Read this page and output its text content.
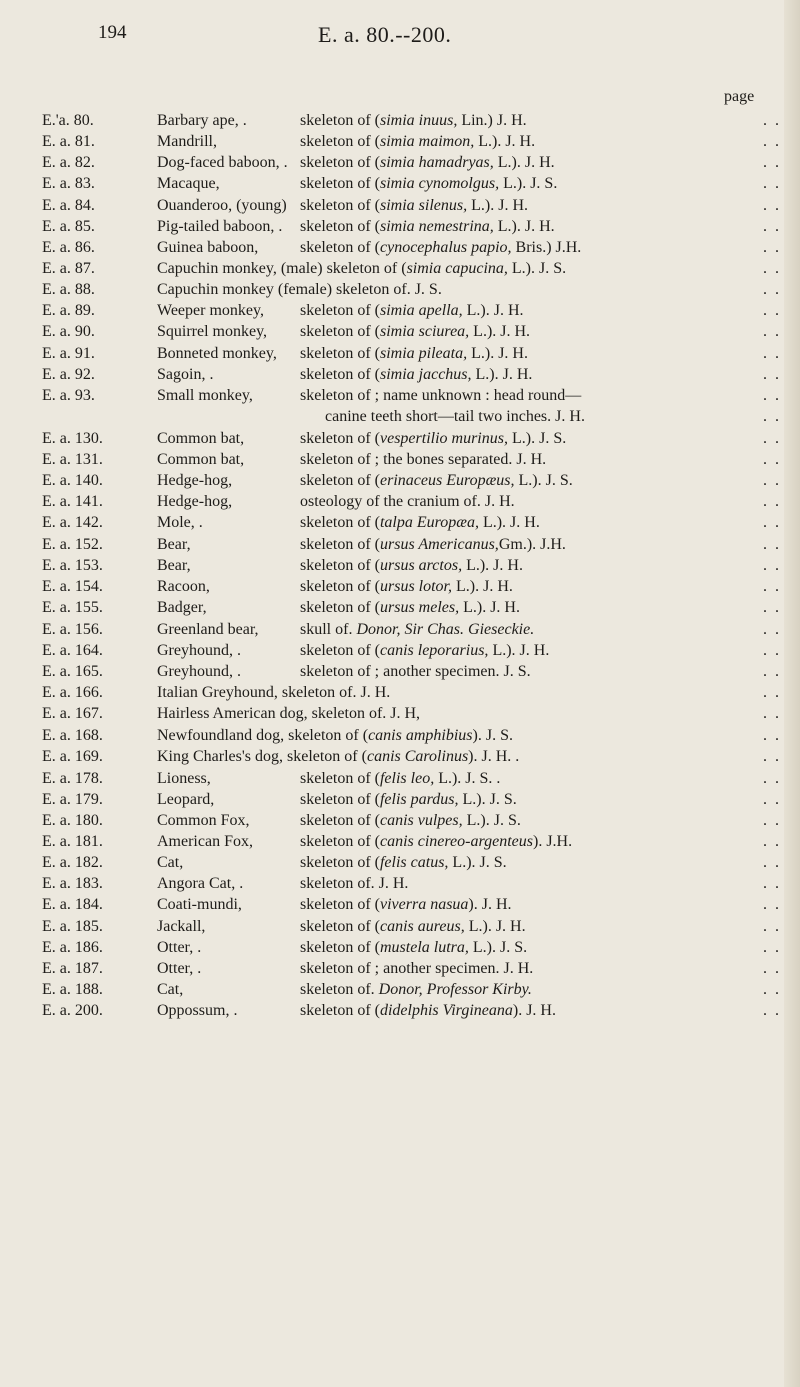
194	E. a. 80.--200.
page
E.'a. 80.	Barbary ape, .	skeleton of (simia inuus, Lin.) J. H.	. .
E. a. 81.	Mandrill,	skeleton of (simia maimon, L.). J. H.	. .
E. a. 82.	Dog-faced baboon, . skeleton of (simia hamadryas, L.). J. H.	. .
E. a. 83.	Macaque,	skeleton of (simia cynomolgus, L.). J. S.	. .
E. a. 84.	Ouanderoo, (young) skeleton of (simia silenus, L.). J. H.	. .
E. a. 85.	Pig-tailed baboon, . skeleton of (simia nemestrina, L.). J. H.	. .
E. a. 86.	Guinea baboon,	skeleton of (cynocephalus papio, Bris.) J.H.	. .
E. a. 87.	Capuchin monkey, (male) skeleton of (simia capucina, L.). J. S.	. .
E. a. 88.	Capuchin monkey (female) skeleton of. J. S.	. .
E. a. 89.	Weeper monkey, skeleton of (simia apella, L.). J. H.	. .
E. a. 90.	Squirrel monkey, skeleton of (simia sciurea, L.). J. H.	. .
E. a. 91.	Bonneted monkey, skeleton of (simia pileata, L.). J. H.	. .
E. a. 92.	Sagoin, .	skeleton of (simia jacchus, L.). J. H.	. .
E. a. 93.	Small monkey,	skeleton of ; name unknown : head round—	. .
canine teeth short—tail two inches. J. H.	. .
E. a. 130.	Common bat,	skeleton of (vespertilio murinus, L.). J. S.	. .
E. a. 131.	Common bat,	skeleton of ; the bones separated. J. H.	. .
E. a. 140.	Hedge-hog,	skeleton of (erinaceus Europæus, L.). J. S.	. .
E. a. 141.	Hedge-hog,	osteology of the cranium of. J. H.	. .
E. a. 142.	Mole, .	skeleton of (talpa Europæa, L.). J. H.	. .
E. a. 152.	Bear,	skeleton of (ursus Americanus,Gm.). J.H.	. .
E. a. 153.	Bear,	skeleton of (ursus arctos, L.). J. H.	. .
E. a. 154.	Racoon,	skeleton of (ursus lotor, L.). J. H.	. .
E. a. 155.	Badger,	skeleton of (ursus meles, L.). J. H.	. .
E. a. 156.	Greenland bear,	skull of. Donor, Sir Chas. Gieseckie.	. .
E. a. 164.	Greyhound, .	skeleton of (canis leporarius, L.). J. H.	. .
E. a. 165.	Greyhound, .	skeleton of ; another specimen. J. S.	. .
E. a. 166.	Italian Greyhound, skeleton of. J. H.	. .
E. a. 167.	Hairless American dog, skeleton of. J. H,	. .
E. a. 168.	Newfoundland dog, skeleton of (canis amphibius). J. S.	. .
E. a. 169.	King Charles's dog, skeleton of (canis Carolinus). J. H. .	. .
E. a. 178.	Lioness,	skeleton of (felis leo, L.). J. S. .	. .
E. a. 179.	Leopard,	skeleton of (felis pardus, L.). J. S.	. .
E. a. 180.	Common Fox,	skeleton of (canis vulpes, L.). J. S.	. .
E. a. 181.	American Fox,	skeleton of (canis cinereo-argenteus). J.H.	. .
E. a. 182.	Cat,	skeleton of (felis catus, L.). J. S.	. .
E. a. 183.	Angora Cat, .	skeleton of. J. H.	. .
E. a. 184.	Coati-mundi,	skeleton of (viverra nasua). J. H.	. .
E. a. 185.	Jackall,	skeleton of (canis aureus, L.). J. H.	. .
E. a. 186.	Otter, .	skeleton of (mustela lutra, L.). J. S.	. .
E. a. 187.	Otter, .	skeleton of ; another specimen. J. H.	. .
E. a. 188.	Cat,	skeleton of. Donor, Professor Kirby.	. .
E. a. 200.	Oppossum, .	skeleton of (didelphis Virgineana). J. H.	. .
